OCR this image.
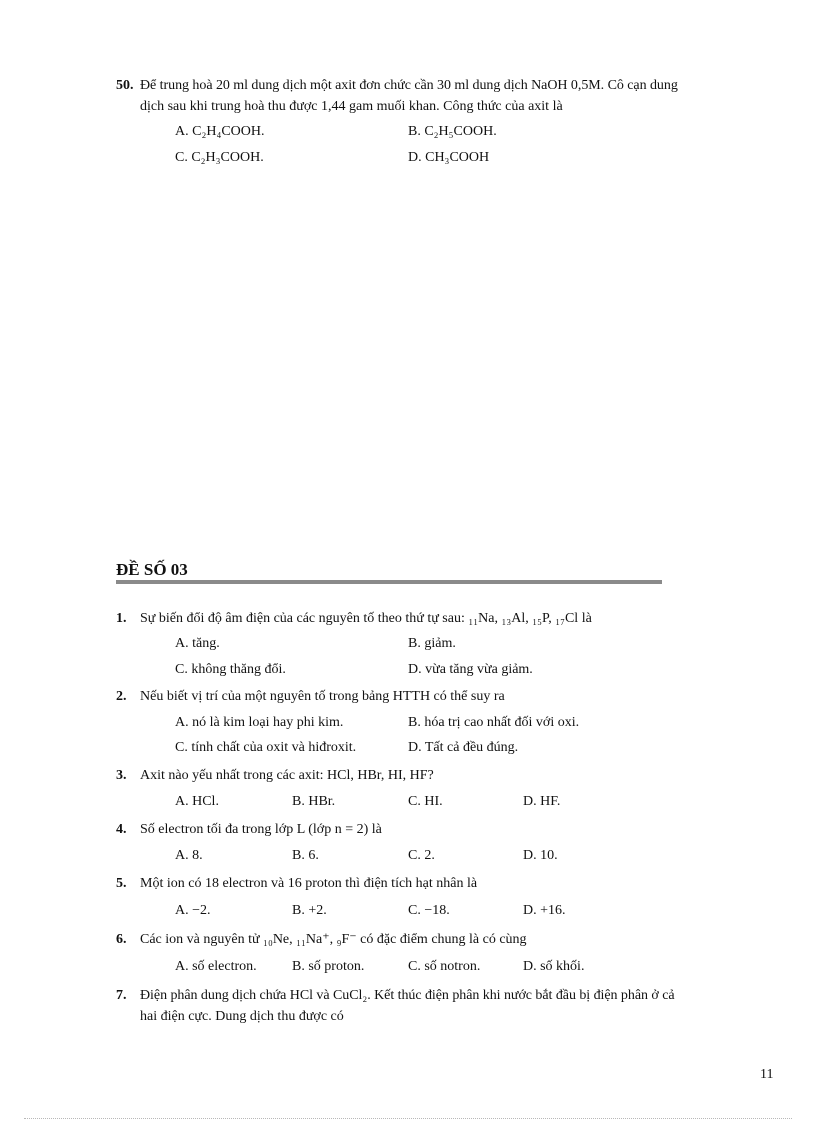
50. Để trung hoà 20 ml dung dịch một axit đơn chức cần 30 ml dung dịch NaOH 0,5M. Cô cạn dung
dịch sau khi trung hoà thu được 1,44 gam muối khan. Công thức của axit là
A. C₂H₄COOH.	B. C₂H₅COOH.
C. C₂H₃COOH.	D. CH₃COOH
ĐỀ SỐ 03
1. Sự biến đổi độ âm điện của các nguyên tố theo thứ tự sau: ₁₁Na, ₁₃Al, ₁₅P, ₁₇Cl là
A. tăng.	B. giảm.
C. không thăng đổi.	D. vừa tăng vừa giảm.
2. Nếu biết vị trí của một nguyên tố trong bảng HTTH có thể suy ra
A. nó là kim loại hay phi kim.	B. hóa trị cao nhất đối với oxi.
C. tính chất của oxit và hiđroxit.	D. Tất cả đều đúng.
3. Axit nào yếu nhất trong các axit: HCl, HBr, HI, HF?
A. HCl.	B. HBr.	C. HI.	D. HF.
4. Số electron tối đa trong lớp L (lớp n = 2) là
A. 8.	B. 6.	C. 2.	D. 10.
5. Một ion có 18 electron và 16 proton thì điện tích hạt nhân là
A. −2.	B. +2.	C. −18.	D. +16.
6. Các ion và nguyên tử ₁₀Ne, ₁₁Na⁺, ₉F⁻ có đặc điểm chung là có cùng
A. số electron.	B. số proton.	C. số notron.	D. số khối.
7. Điện phân dung dịch chứa HCl và CuCl₂. Kết thúc điện phân khi nước bắt đầu bị điện phân ở cả
hai điện cực. Dung dịch thu được có
11
